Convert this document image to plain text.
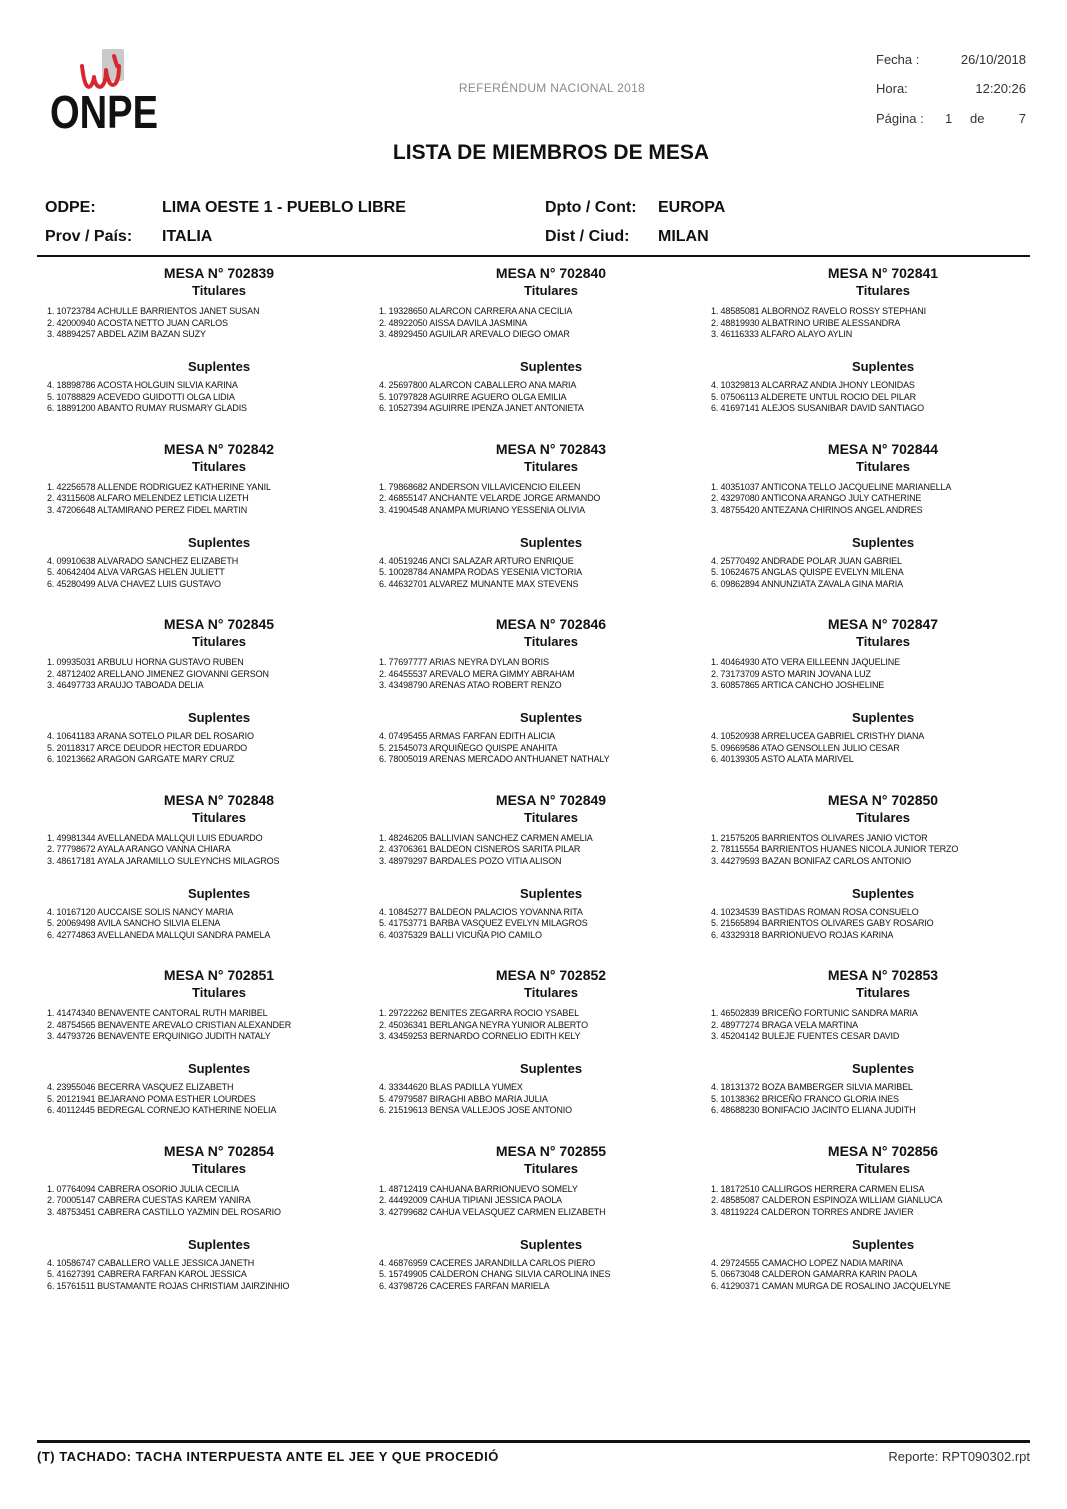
ONPE	REFERÉNDUM NACIONAL 2018
Fecha :	26/10/2018
Hora:	12:20:26
Página : 1 de	7
LISTA DE MIEMBROS DE MESA
ODPE:	LIMA OESTE 1 - PUEBLO LIBRE	Dpto / Cont: EUROPA
Prov / País: ITALIA	Dist / Ciud: MILAN
MESA N° 702839
Titulares
1. 10723784 ACHULLE BARRIENTOS JANET SUSAN
2. 42000940 ACOSTA NETTO JUAN CARLOS
3. 48894257 ABDEL AZIM BAZAN SUZY
Suplentes
4. 18898786 ACOSTA HOLGUIN SILVIA KARINA
5. 10788829 ACEVEDO GUIDOTTI OLGA LIDIA
6. 18891200 ABANTO RUMAY RUSMARY GLADIS
MESA N° 702840
Titulares
1. 19328650 ALARCON CARRERA ANA CECILIA
2. 48922050 AISSA DAVILA JASMINA
3. 48929450 AGUILAR AREVALO DIEGO OMAR
Suplentes
4. 25697800 ALARCON CABALLERO ANA MARIA
5. 10797828 AGUIRRE AGUERO OLGA EMILIA
6. 10527394 AGUIRRE IPENZA JANET ANTONIETA
MESA N° 702841
Titulares
1. 48585081 ALBORNOZ RAVELO ROSSY STEPHANI
2. 48819930 ALBATRINO URIBE ALESSANDRA
3. 46116333 ALFARO ALAYO AYLIN
Suplentes
4. 10329813 ALCARRAZ ANDIA JHONY LEONIDAS
5. 07506113 ALDERETE UNTUL ROCIO DEL PILAR
6. 41697141 ALEJOS SUSANIBAR DAVID SANTIAGO
MESA N° 702842
Titulares
1. 42256578 ALLENDE RODRIGUEZ KATHERINE YANIL
2. 43115608 ALFARO MELENDEZ LETICIA LIZETH
3. 47206648 ALTAMIRANO PEREZ FIDEL MARTIN
Suplentes
4. 09910638 ALVARADO SANCHEZ ELIZABETH
5. 40642404 ALVA VARGAS HELEN JULIETT
6. 45280499 ALVA CHAVEZ LUIS GUSTAVO
MESA N° 702843
Titulares
1. 79868682 ANDERSON VILLAVICENCIO EILEEN
2. 46855147 ANCHANTE VELARDE JORGE ARMANDO
3. 41904548 ANAMPA MURIANO YESSENIA OLIVIA
Suplentes
4. 40519246 ANCI SALAZAR ARTURO ENRIQUE
5. 10028784 ANAMPA RODAS YESENIA VICTORIA
6. 44632701 ALVAREZ MUNANTE MAX STEVENS
MESA N° 702844
Titulares
1. 40351037 ANTICONA TELLO JACQUELINE MARIANELLA
2. 43297080 ANTICONA ARANGO JULY CATHERINE
3. 48755420 ANTEZANA CHIRINOS ANGEL ANDRES
Suplentes
4. 25770492 ANDRADE POLAR JUAN GABRIEL
5. 10624675 ANGLAS QUISPE EVELYN MILENA
6. 09862894 ANNUNZIATA ZAVALA GINA MARIA
MESA N° 702845
Titulares
1. 09935031 ARBULU HORNA GUSTAVO RUBEN
2. 48712402 ARELLANO JIMENEZ GIOVANNI GERSON
3. 46497733 ARAUJO TABOADA DELIA
Suplentes
4. 10641183 ARANA SOTELO PILAR DEL ROSARIO
5. 20118317 ARCE DEUDOR HECTOR EDUARDO
6. 10213662 ARAGON GARGATE MARY CRUZ
MESA N° 702846
Titulares
1. 77697777 ARIAS NEYRA DYLAN BORIS
2. 46455537 AREVALO MERA GIMMY ABRAHAM
3. 43498790 ARENAS ATAO ROBERT RENZO
Suplentes
4. 07495455 ARMAS FARFAN EDITH ALICIA
5. 21545073 ARQUIÑEGO QUISPE ANAHITA
6. 78005019 ARENAS MERCADO ANTHUANET NATHALY
MESA N° 702847
Titulares
1. 40464930 ATO VERA EILLEENN JAQUELINE
2. 73173709 ASTO MARIN JOVANA LUZ
3. 60857865 ARTICA CANCHO JOSHELINE
Suplentes
4. 10520938 ARRELUCEA GABRIEL CRISTHY DIANA
5. 09669586 ATAO GENSOLLEN JULIO CESAR
6. 40139305 ASTO ALATA MARIVEL
MESA N° 702848
Titulares
1. 49981344 AVELLANEDA MALLQUI LUIS EDUARDO
2. 77798672 AYALA ARANGO VANNA CHIARA
3. 48617181 AYALA JARAMILLO SULEYNCHS MILAGROS
Suplentes
4. 10167120 AUCCAISE SOLIS NANCY MARIA
5. 20069498 AVILA SANCHO SILVIA ELENA
6. 42774863 AVELLANEDA MALLQUI SANDRA PAMELA
MESA N° 702849
Titulares
1. 48246205 BALLIVIAN SANCHEZ CARMEN AMELIA
2. 43706361 BALDEON CISNEROS SARITA PILAR
3. 48979297 BARDALES POZO VITIA ALISON
Suplentes
4. 10845277 BALDEON PALACIOS YOVANNA RITA
5. 41753771 BARBA VASQUEZ EVELYN MILAGROS
6. 40375329 BALLI VICUÑA PIO CAMILO
MESA N° 702850
Titulares
1. 21575205 BARRIENTOS OLIVARES JANIO VICTOR
2. 78115554 BARRIENTOS HUANES NICOLA JUNIOR TERZO
3. 44279593 BAZAN BONIFAZ CARLOS ANTONIO
Suplentes
4. 10234539 BASTIDAS ROMAN ROSA CONSUELO
5. 21565894 BARRIENTOS OLIVARES GABY ROSARIO
6. 43329318 BARRIONUEVO ROJAS KARINA
MESA N° 702851
Titulares
1. 41474340 BENAVENTE CANTORAL RUTH MARIBEL
2. 48754565 BENAVENTE AREVALO CRISTIAN ALEXANDER
3. 44793726 BENAVENTE ERQUINIGO JUDITH NATALY
Suplentes
4. 23955046 BECERRA VASQUEZ ELIZABETH
5. 20121941 BEJARANO POMA ESTHER LOURDES
6. 40112445 BEDREGAL CORNEJO KATHERINE NOELIA
MESA N° 702852
Titulares
1. 29722262 BENITES ZEGARRA ROCIO YSABEL
2. 45036341 BERLANGA NEYRA YUNIOR ALBERTO
3. 43459253 BERNARDO CORNELIO EDITH KELY
Suplentes
4. 33344620 BLAS PADILLA YUMEX
5. 47979587 BIRAGHI ABBO MARIA JULIA
6. 21519613 BENSA VALLEJOS JOSE ANTONIO
MESA N° 702853
Titulares
1. 46502839 BRICEÑO FORTUNIC SANDRA MARIA
2. 48977274 BRAGA VELA MARTINA
3. 45204142 BULEJE FUENTES CESAR DAVID
Suplentes
4. 18131372 BOZA BAMBERGER SILVIA MARIBEL
5. 10138362 BRICEÑO FRANCO GLORIA INES
6. 48688230 BONIFACIO JACINTO ELIANA JUDITH
MESA N° 702854
Titulares
1. 07764094 CABRERA OSORIO JULIA CECILIA
2. 70005147 CABRERA CUESTAS KAREM YANIRA
3. 48753451 CABRERA CASTILLO YAZMIN DEL ROSARIO
Suplentes
4. 10586747 CABALLERO VALLE JESSICA JANETH
5. 41627391 CABRERA FARFAN KAROL JESSICA
6. 15761511 BUSTAMANTE ROJAS CHRISTIAM JAIRZINHIO
MESA N° 702855
Titulares
1. 48712419 CAHUANA BARRIONUEVO SOMELY
2. 44492009 CAHUA TIPIANI JESSICA PAOLA
3. 42799682 CAHUA VELASQUEZ CARMEN ELIZABETH
Suplentes
4. 46876959 CACERES JARANDILLA CARLOS PIERO
5. 15749905 CALDERON CHANG SILVIA CAROLINA INES
6. 43798726 CACERES FARFAN MARIELA
MESA N° 702856
Titulares
1. 18172510 CALLIRGOS HERRERA CARMEN ELISA
2. 48585087 CALDERON ESPINOZA WILLIAM GIANLUCA
3. 48119224 CALDERON TORRES ANDRE JAVIER
Suplentes
4. 29724555 CAMACHO LOPEZ NADIA MARINA
5. 06673048 CALDERON GAMARRA KARIN PAOLA
6. 41290371 CAMAN MURGA DE ROSALINO JACQUELYNE
(T) TACHADO: TACHA INTERPUESTA ANTE EL JEE Y QUE PROCEDIÓ	Reporte: RPT090302.rpt
